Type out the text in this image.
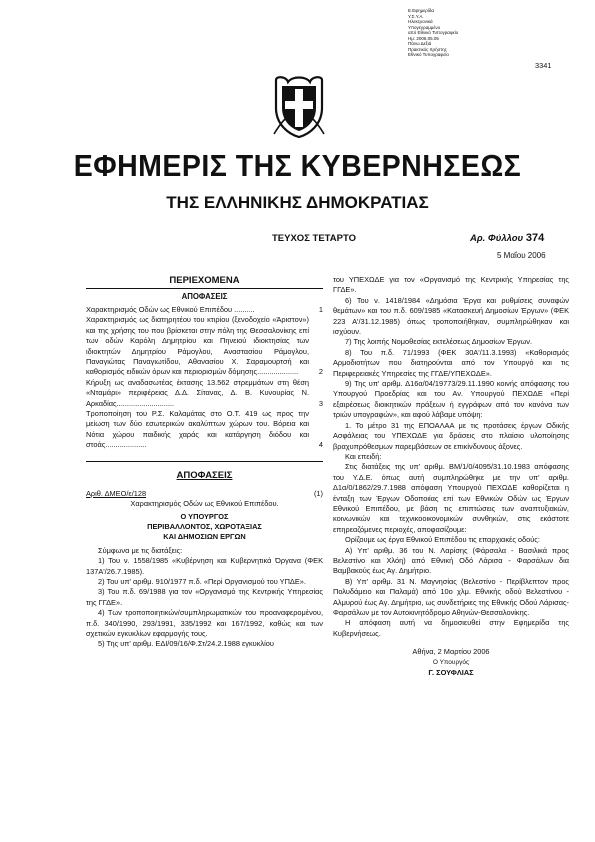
Ε.Εφημερίδα
Υ.Σ.Υ.Α.
Ηλεκτρονικά
Υπογεγραμμένο
από Εθνικό Τυπογραφείο
Ημ: 2006.05.05
Πάνω Δεξιά
Πρακτικός Χρήστης
Εθνικό Τυπογραφείο
3341
ΕΦΗΜΕΡΙΣ ΤΗΣ ΚΥΒΕΡΝΗΣΕΩΣ
ΤΗΣ ΕΛΛΗΝΙΚΗΣ ΔΗΜΟΚΡΑΤΙΑΣ
ΤΕΥΧΟΣ ΤΕΤΑΡΤΟ	Αρ. Φύλλου 374
5 Μαΐου 2006
ΠΕΡΙΕΧΟΜΕΝΑ
ΑΠΟΦΑΣΕΙΣ
Χαρακτηρισμός Οδών ως Εθνικού Επιπέδου ..........	1
Χαρακτηρισμός ως διατηρητέου του κτιρίου (ξενοδοχείο «Άριστον») και της χρήσης του που βρίσκεται στην πόλη της Θεσσαλονίκης επί των οδών Καρόλη Δημητρίου και Πηνειού ιδιοκτησίας των ιδιοκτητών Δημητρίου Ράμογλου, Αναστασίου Ράμογλου, Παναγιώτας Παναγιωτίδου, Αθανασίου Χ. Σαραμουρτσή και καθορισμός ειδικών όρων και περιορισμών δόμησης....................	2
Κήρυξη ως αναδασωτέας έκτασης 13.562 στρεμμάτων στη θέση «Νταμάρι» περιφέρειας Δ.Δ. Σίτανας, Δ. Β. Κυνουρίας Ν. Αρκαδίας............................	3
Τροποποίηση του Ρ.Σ. Καλαμάτας στο Ο.Τ. 419 ως προς την μείωση των δύο εσωτερικών ακαλύπτων χώρων του. Βόρεια και Νότια χώρου παιδικής χαράς και κατάργηση διόδου και στοάς....................	4
ΑΠΟΦΑΣΕΙΣ
Αριθ. ΔΜΕΟ/ε/128	(1)

Χαρακτηρισμός Οδών ως Εθνικού Επιπέδου.

Ο ΥΠΟΥΡΓΟΣ

ΠΕΡΙΒΑΛΛΟΝΤΟΣ, ΧΩΡΟΤΑΞΙΑΣ

ΚΑΙ ΔΗΜΟΣΙΩΝ ΕΡΓΩΝ

Σύμφωνα με τις διατάξεις:

1) Του ν. 1558/1985 «Κυβέρνηση και Κυβερνητικά Όργανα (ΦΕΚ 137Α'/26.7.1985).

2) Του υπ' αριθμ. 910/1977 π.δ. «Περί Οργανισμού του ΥΠΔΕ».

3) Του π.δ. 69/1988 για τον «Οργανισμό της Κεντρικής Υπηρεσίας της ΓΓΔΕ».

4) Των τροποποιητικών/συμπληρωματικών του προαναφερομένου, π.δ. 340/1990, 293/1991, 335/1992 και 167/1992, καθώς και των σχετικών εγκυκλίων εφαρμογής τους.

5) Της υπ' αριθμ. ΕΔΙ/09/16/Φ.Στ/24.2.1988 εγκυκλίου

του ΥΠΕΧΩΔΕ για τον «Οργανισμό της Κεντρικής Υπηρεσίας της ΓΓΔΕ».

6) Του ν. 1418/1984 «Δημόσια Έργα και ρυθμίσεις συναφών θεμάτων» και του π.δ. 609/1985 «Κατασκευή Δημοσίων Έργων» (ΦΕΚ 223 Α'/31.12.1985) όπως τροποποιήθηκαν, συμπληρώθηκαν και ισχύουν.

7) Της λοιπής Νομοθεσίας εκτελέσεως Δημοσίων Έργων.

8) Του π.δ. 71/1993 (ΦΕΚ 30Α'/11.3.1993) «Καθορισμός Αρμοδιοτήτων που διατηρούνται από τον Υπουργό και τις Περιφερειακές Υπηρεσίες της ΓΓΔΕ/ΥΠΕΧΩΔΕ».

9) Της υπ' αριθμ. Δ16α/04/19773/29.11.1990 κοινής απόφασης του Υπουργού Προεδρίας και του Αν. Υπουργού ΠΕΧΩΔΕ «Περί εξαιρέσεως διοικητικών πράξεων ή εγγράφων από τον κανόνα των τριών υπογραφών», και αφού λάβαμε υπόψη:

1. Το μέτρο 31 της ΕΠΟΑΛΑΑ με τις προτάσεις έργων Οδικής Ασφάλειας του ΥΠΕΧΩΔΕ για δράσεις στο πλαίσιο υλοποίησης βραχυπρόθεσμων παρεμβάσεων σε επικίνδυνους άξονες.

Και επειδή:

Στις διατάξεις της υπ' αριθμ. ΒΜ/1/0/4095/31.10.1983 απόφασης του Υ.Δ.Ε. όπως αυτή συμπληρώθηκε με την υπ' αριθμ. Δ1α/0/1862/29.7.1988 απόφαση Υπουργού ΠΕΧΩΔΕ καθορίζεται η ένταξη των Έργων Οδοποιίας επί των Εθνικών Οδών ως Έργων Εθνικού Επιπέδου, με βάση τις επιπτώσεις των αναπτυξιακών, κοινωνικών και τεχνικοοικονομικών συνθηκών, στις εκάστοτε επηρεαζόμενες περιοχές, αποφασίζουμε:

Ορίζουμε ως έργα Εθνικού Επιπέδου τις επαρχιακές οδούς:

A) Υπ' αριθμ. 36 του Ν. Λαρίσης (Φάρσαλα - Βασιλικά προς Βελεστίνο και Χλόη) από Εθνική Οδό Λάρισα - Φαρσάλων δια Βαμβακούς έως Αγ. Δημήτριο.

B) Υπ' αριθμ. 31 Ν. Μαγνησίας (Βελεστίνο - Περίβλεπτον προς Πολυδάμειο και Παλαμά) από 10ο χλμ. Εθνικής οδού Βελεστίνου - Αλμυρού έως Αγ. Δημήτριο, ως συνδετήριες της Εθνικής Οδού Λάρισας-Φαρσάλων με τον Αυτοκινητόδρομο Αθηνών-Θεσσαλονίκης.

Η απόφαση αυτή να δημοσιευθεί στην Εφημερίδα της Κυβερνήσεως.

Αθήνα, 2 Μαρτίου 2006

Ο Υπουργός

Γ. ΣΟΥΦΛΙΑΣ
